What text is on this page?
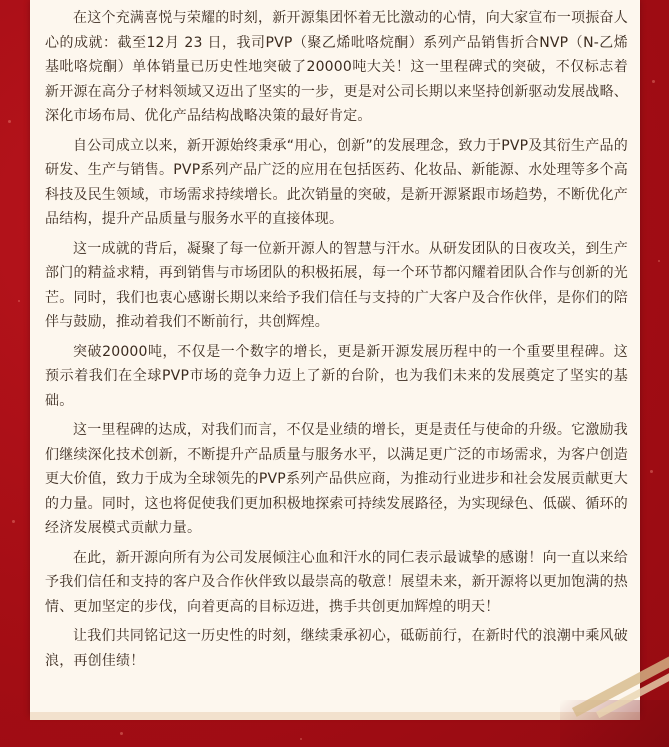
在这个充满喜悦与荣耀的时刻，新开源集团怀着无比激动的心情，向大家宣布一项振奋人心的成就：截至12月 23 日，我司PVP（聚乙烯吡咯烷酮）系列产品销售折合NVP（N-乙烯基吡咯烷酮）单体销量已历史性地突破了20000吨大关！这一里程碑式的突破，不仅标志着新开源在高分子材料领域又迈出了坚实的一步，更是对公司长期以来坚持创新驱动发展战略、深化市场布局、优化产品结构战略决策的最好肯定。

自公司成立以来，新开源始终秉承“用心，创新”的发展理念，致力于PVP及其衍生产品的研发、生产与销售。PVP系列产品广泛的应用在包括医药、化妆品、新能源、水处理等多个高科技及民生领域，市场需求持续增长。此次销量的突破，是新开源紧跟市场趋势，不断优化产品结构，提升产品质量与服务水平的直接体现。

这一成就的背后，凝聚了每一位新开源人的智慧与汗水。从研发团队的日夜攻关，到生产部门的精益求精，再到销售与市场团队的积极拓展，每一个环节都闪耀着团队合作与创新的光芒。同时，我们也衷心感谢长期以来给予我们信任与支持的广大客户及合作伙伴，是你们的陪伴与鼓励，推动着我们不断前行，共创辉煌。

突破20000吨，不仅是一个数字的增长，更是新开源发展历程中的一个重要里程碑。这预示着我们在全球PVP市场的竞争力迈上了新的台阶，也为我们未来的发展奠定了坚实的基础。

这一里程碑的达成，对我们而言，不仅是业绩的增长，更是责任与使命的升级。它激励我们继续深化技术创新，不断提升产品质量与服务水平，以满足更广泛的市场需求，为客户创造更大价值，致力于成为全球领先的PVP系列产品供应商，为推动行业进步和社会发展贡献更大的力量。同时，这也将促使我们更加积极地探索可持续发展路径，为实现绿色、低碳、循环的经济发展模式贡献力量。

在此，新开源向所有为公司发展倾注心血和汗水的同仁表示最诚挚的感谢！向一直以来给予我们信任和支持的客户及合作伙伴致以最崇高的敬意！展望未来，新开源将以更加饱满的热情、更加坚定的步伐，向着更高的目标迈进，携手共创更加辉煌的明天！

让我们共同铭记这一历史性的时刻，继续秉承初心，砥砺前行，在新时代的浪潮中乘风破浪，再创佳绩！
